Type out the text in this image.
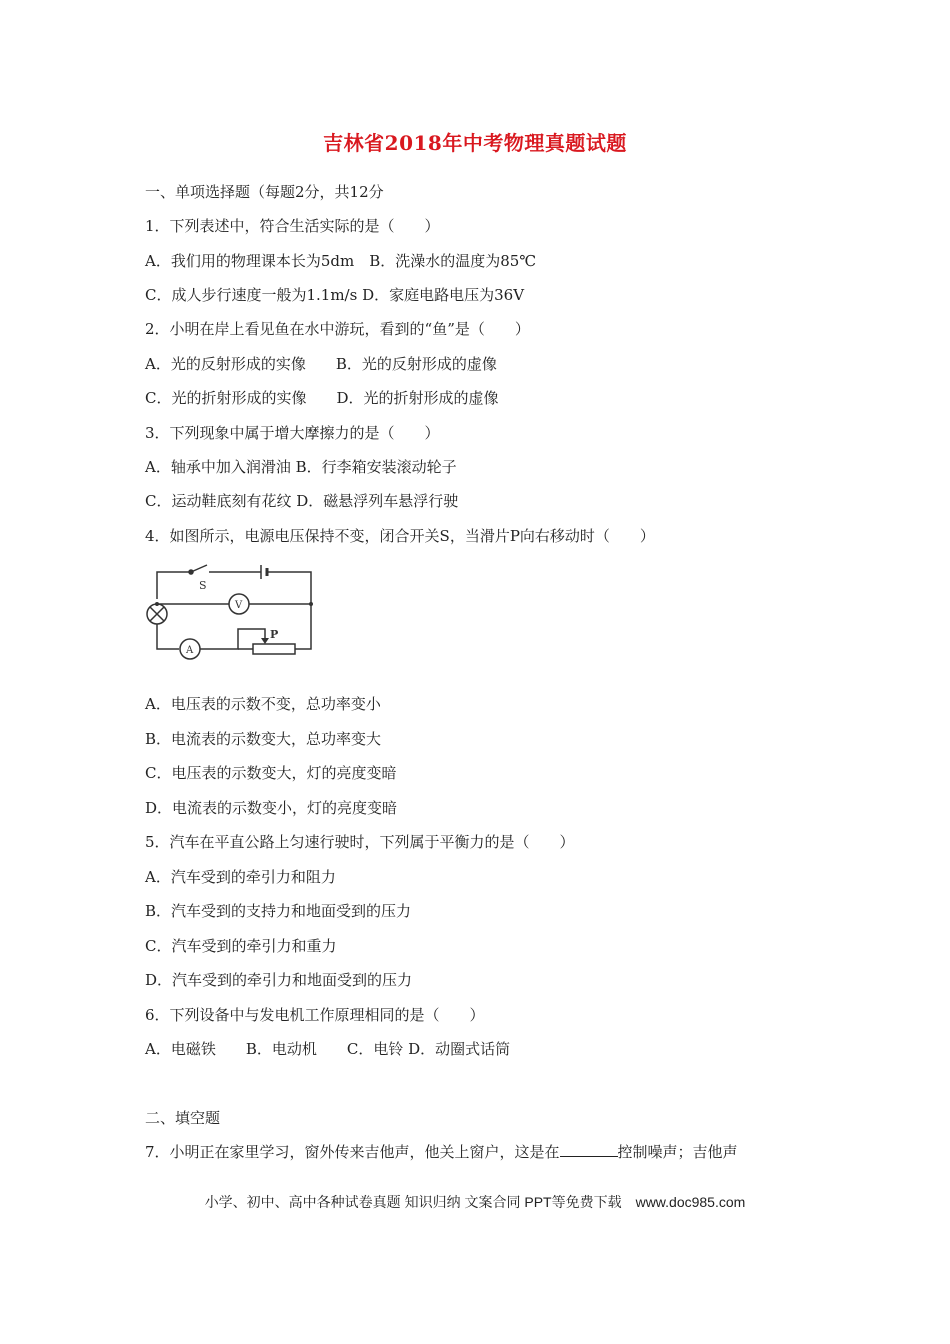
吉林省2018年中考物理真题试题
一、单项选择题（每题2分，共12分
1．下列表述中，符合生活实际的是（　　）
A．我们用的物理课本长为5dm　B．洗澡水的温度为85℃
C．成人步行速度一般为1.1m/s D．家庭电路电压为36V
2．小明在岸上看见鱼在水中游玩，看到的“鱼”是（　　）
A．光的反射形成的实像　　B．光的反射形成的虚像
C．光的折射形成的实像　　D．光的折射形成的虚像
3．下列现象中属于增大摩擦力的是（　　）
A．轴承中加入润滑油 B．行李箱安装滚动轮子
C．运动鞋底刻有花纹 D．磁悬浮列车悬浮行驶
4．如图所示，电源电压保持不变，闭合开关S，当滑片P向右移动时（　　）
S
V
A
P
A．电压表的示数不变，总功率变小
B．电流表的示数变大，总功率变大
C．电压表的示数变大，灯的亮度变暗
D．电流表的示数变小，灯的亮度变暗
5．汽车在平直公路上匀速行驶时，下列属于平衡力的是（　　）
A．汽车受到的牵引力和阻力
B．汽车受到的支持力和地面受到的压力
C．汽车受到的牵引力和重力
D．汽车受到的牵引力和地面受到的压力
6．下列设备中与发电机工作原理相同的是（　　）
A．电磁铁　　B．电动机　　C．电铃 D．动圈式话筒
二、填空题
7．小明正在家里学习，窗外传来吉他声，他关上窗户，这是在	控制噪声；吉他声
小学、初中、高中各种试卷真题 知识归纳 文案合同 PPT等免费下载　www.doc985.com
